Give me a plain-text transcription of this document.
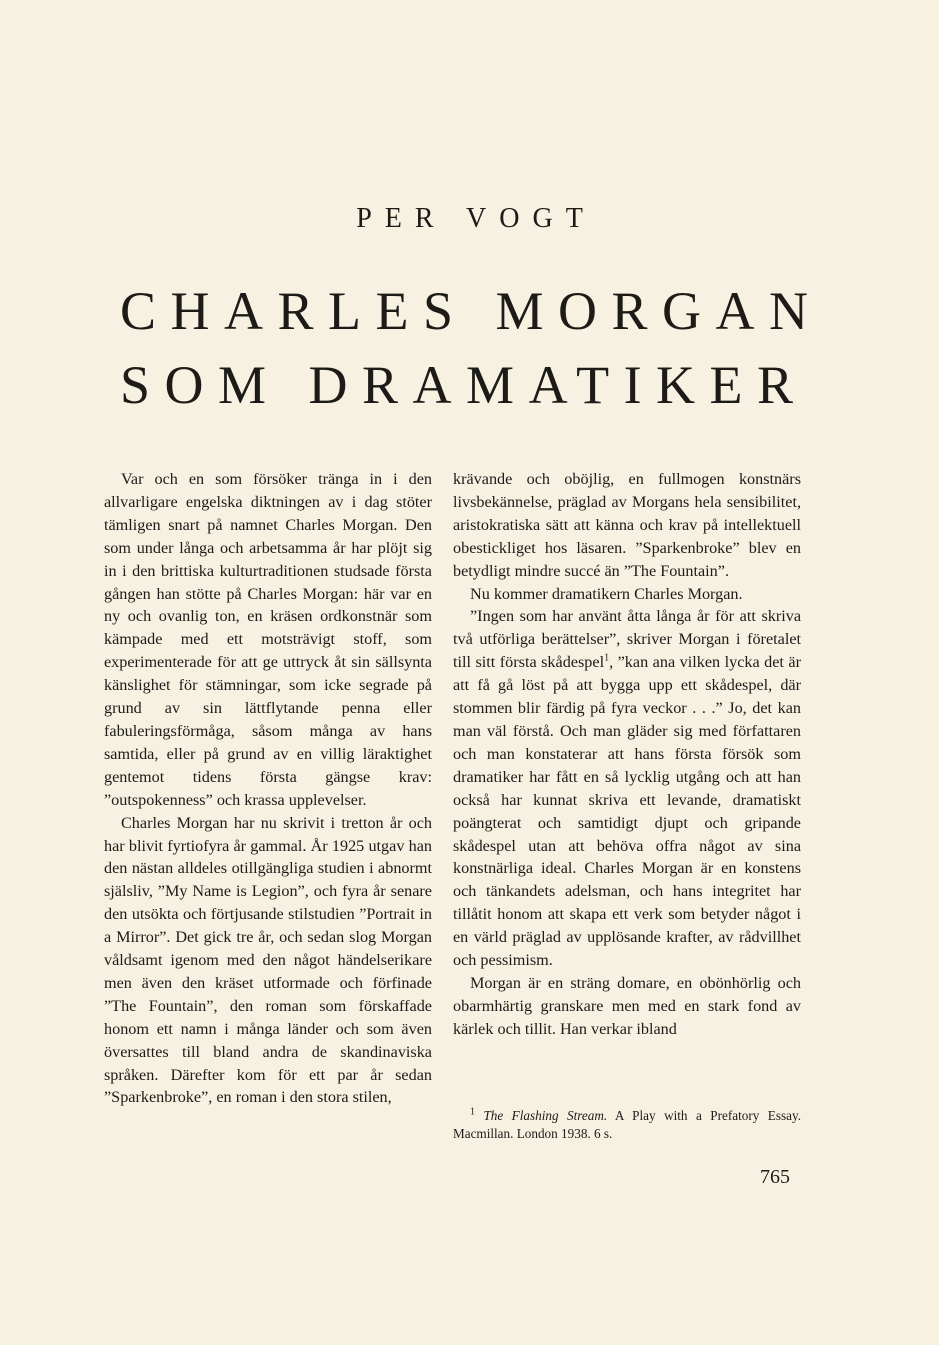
PER VOGT
CHARLES MORGAN
SOM DRAMATIKER

Var och en som försöker tränga in i den allvarligare engelska diktningen av i dag stöter tämligen snart på namnet Charles Morgan. Den som under långa och arbetsamma år har plöjt sig in i den brittiska kulturtraditionen studsade första gången han stötte på Charles Morgan: här var en ny och ovanlig ton, en kräsen ordkonstnär som kämpade med ett motsträvigt stoff, som experimenterade för att ge uttryck åt sin sällsynta känslighet för stämningar, som icke segrade på grund av sin lättflytande penna eller fabuleringsförmåga, såsom många av hans samtida, eller på grund av en villig läraktighet gentemot tidens första gängse krav: ”outspokenness” och krassa upplevelser.

Charles Morgan har nu skrivit i tretton år och har blivit fyrtiofyra år gammal. År 1925 utgav han den nästan alldeles otillgängliga studien i abnormt själsliv, ”My Name is Legion”, och fyra år senare den utsökta och förtjusande stilstudien ”Portrait in a Mirror”. Det gick tre år, och sedan slog Morgan våldsamt igenom med den något händelserikare men även den kräset utformade och förfinade ”The Fountain”, den roman som förskaffade honom ett namn i många länder och som även översattes till bland andra de skandinaviska språken. Därefter kom för ett par år sedan ”Sparkenbroke”, en roman i den stora stilen,

krävande och oböjlig, en fullmogen konstnärs livsbekännelse, präglad av Morgans hela sensibilitet, aristokratiska sätt att känna och krav på intellektuell obestickliget hos läsaren. ”Sparkenbroke” blev en betydligt mindre succé än ”The Fountain”.

Nu kommer dramatikern Charles Morgan.

”Ingen som har använt åtta långa år för att skriva två utförliga berättelser”, skriver Morgan i företalet till sitt första skådespel$^1$, ”kan ana vilken lycka det är att få gå löst på att bygga upp ett skådespel, där stommen blir färdig på fyra veckor . . .” Jo, det kan man väl förstå. Och man gläder sig med författaren och man konstaterar att hans första försök som dramatiker har fått en så lycklig utgång och att han också har kunnat skriva ett levande, dramatiskt poängterat och samtidigt djupt och gripande skådespel utan att behöva offra något av sina konstnärliga ideal. Charles Morgan är en konstens och tänkandets adelsman, och hans integritet har tillåtit honom att skapa ett verk som betyder något i en värld präglad av upplösande krafter, av rådvillhet och pessimism.

Morgan är en sträng domare, en obönhörlig och obarmhärtig granskare men med en stark fond av kärlek och tillit. Han verkar ibland

$^1$ The Flashing Stream. A Play with a Prefatory Essay. Macmillan. London 1938. 6 s.

765
